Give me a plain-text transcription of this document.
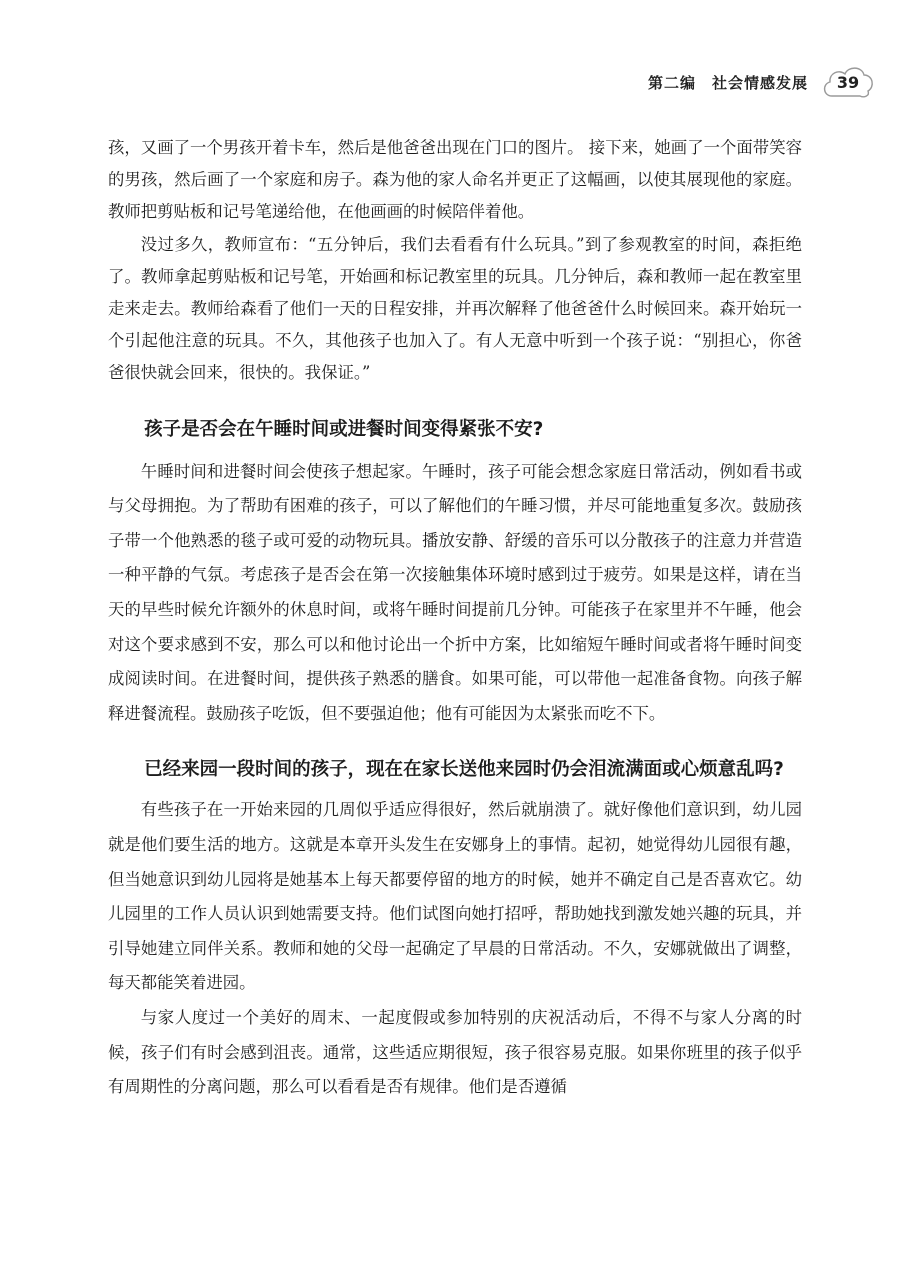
第二编　社会情感发展 39

孩，又画了一个男孩开着卡车，然后是他爸爸出现在门口的图片。 接下来，她画了一个面带笑容的男孩，然后画了一个家庭和房子。森为他的家人命名并更正了这幅画，以使其展现他的家庭。教师把剪贴板和记号笔递给他，在他画画的时候陪伴着他。

没过多久，教师宣布：“五分钟后，我们去看看有什么玩具。”到了参观教室的时间，森拒绝了。教师拿起剪贴板和记号笔，开始画和标记教室里的玩具。几分钟后，森和教师一起在教室里走来走去。教师给森看了他们一天的日程安排，并再次解释了他爸爸什么时候回来。森开始玩一个引起他注意的玩具。不久，其他孩子也加入了。有人无意中听到一个孩子说：“别担心，你爸爸很快就会回来，很快的。我保证。”

孩子是否会在午睡时间或进餐时间变得紧张不安?

午睡时间和进餐时间会使孩子想起家。午睡时，孩子可能会想念家庭日常活动，例如看书或与父母拥抱。为了帮助有困难的孩子，可以了解他们的午睡习惯，并尽可能地重复多次。鼓励孩子带一个他熟悉的毯子或可爱的动物玩具。播放安静、舒缓的音乐可以分散孩子的注意力并营造一种平静的气氛。考虑孩子是否会在第一次接触集体环境时感到过于疲劳。如果是这样，请在当天的早些时候允许额外的休息时间，或将午睡时间提前几分钟。可能孩子在家里并不午睡，他会对这个要求感到不安，那么可以和他讨论出一个折中方案，比如缩短午睡时间或者将午睡时间变成阅读时间。在进餐时间，提供孩子熟悉的膳食。如果可能，可以带他一起准备食物。向孩子解释进餐流程。鼓励孩子吃饭，但不要强迫他；他有可能因为太紧张而吃不下。

已经来园一段时间的孩子，现在在家长送他来园时仍会泪流满面或心烦意乱吗?

有些孩子在一开始来园的几周似乎适应得很好，然后就崩溃了。就好像他们意识到，幼儿园就是他们要生活的地方。这就是本章开头发生在安娜身上的事情。起初，她觉得幼儿园很有趣，但当她意识到幼儿园将是她基本上每天都要停留的地方的时候，她并不确定自己是否喜欢它。幼儿园里的工作人员认识到她需要支持。他们试图向她打招呼，帮助她找到激发她兴趣的玩具，并引导她建立同伴关系。教师和她的父母一起确定了早晨的日常活动。不久，安娜就做出了调整，每天都能笑着进园。

与家人度过一个美好的周末、一起度假或参加特别的庆祝活动后，不得不与家人分离的时候，孩子们有时会感到沮丧。通常，这些适应期很短，孩子很容易克服。如果你班里的孩子似乎有周期性的分离问题，那么可以看看是否有规律。他们是否遵循
